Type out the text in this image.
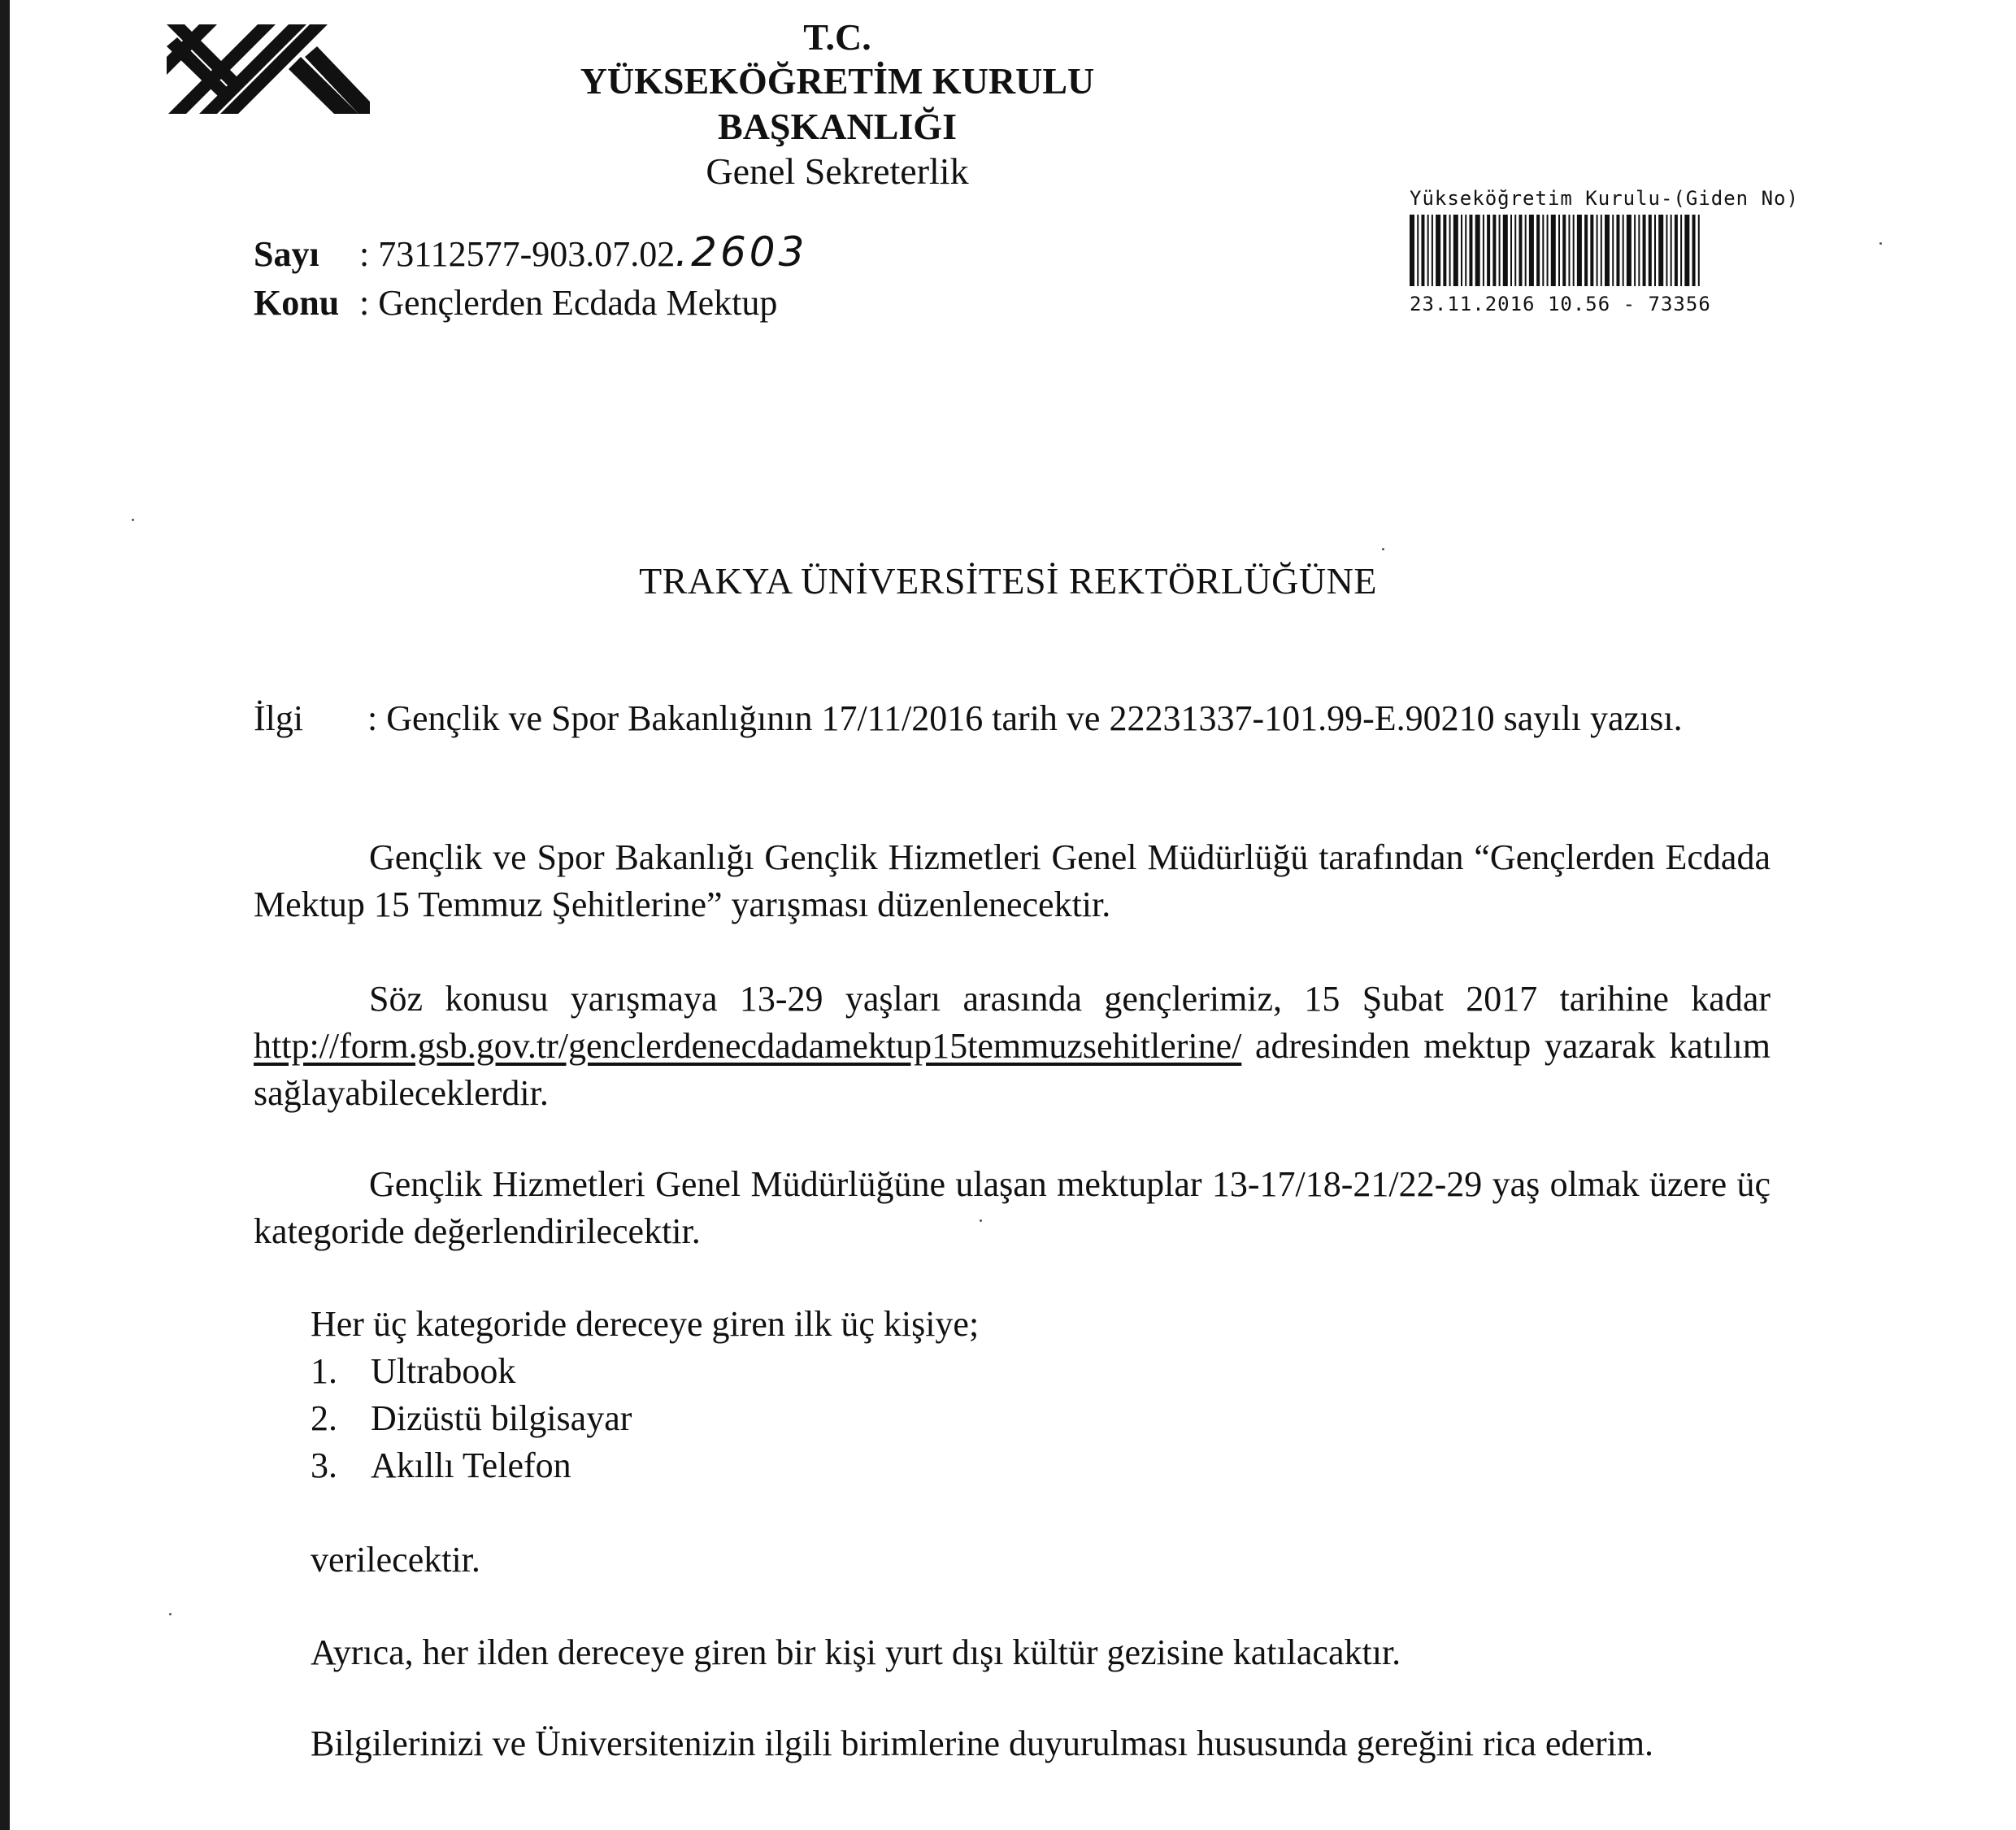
T.C.
YÜKSEKÖĞRETİM KURULU BAŞKANLIĞI
Genel Sekreterlik
Yükseköğretim Kurulu-(Giden No)
23.11.2016 10.56 - 73356
Sayı : 73112577-903.07.02.2603
Konu : Gençlerden Ecdada Mektup
TRAKYA ÜNİVERSİTESİ REKTÖRLÜĞÜNE
İlgi : Gençlik ve Spor Bakanlığının 17/11/2016 tarih ve 22231337-101.99-E.90210 sayılı yazısı.
Gençlik ve Spor Bakanlığı Gençlik Hizmetleri Genel Müdürlüğü tarafından “Gençlerden Ecdada Mektup 15 Temmuz Şehitlerine” yarışması düzenlenecektir.
Söz konusu yarışmaya 13-29 yaşları arasında gençlerimiz, 15 Şubat 2017 tarihine kadar http://form.gsb.gov.tr/genclerdenecdadamektup15temmuzsehitlerine/ adresinden mektup yazarak katılım sağlayabileceklerdir.
Gençlik Hizmetleri Genel Müdürlüğüne ulaşan mektuplar 13-17/18-21/22-29 yaş olmak üzere üç kategoride değerlendirilecektir.
Her üç kategoride dereceye giren ilk üç kişiye;
1. Ultrabook
2. Dizüstü bilgisayar
3. Akıllı Telefon
verilecektir.
Ayrıca, her ilden dereceye giren bir kişi yurt dışı kültür gezisine katılacaktır.
Bilgilerinizi ve Üniversitenizin ilgili birimlerine duyurulması hususunda gereğini rica ederim.
